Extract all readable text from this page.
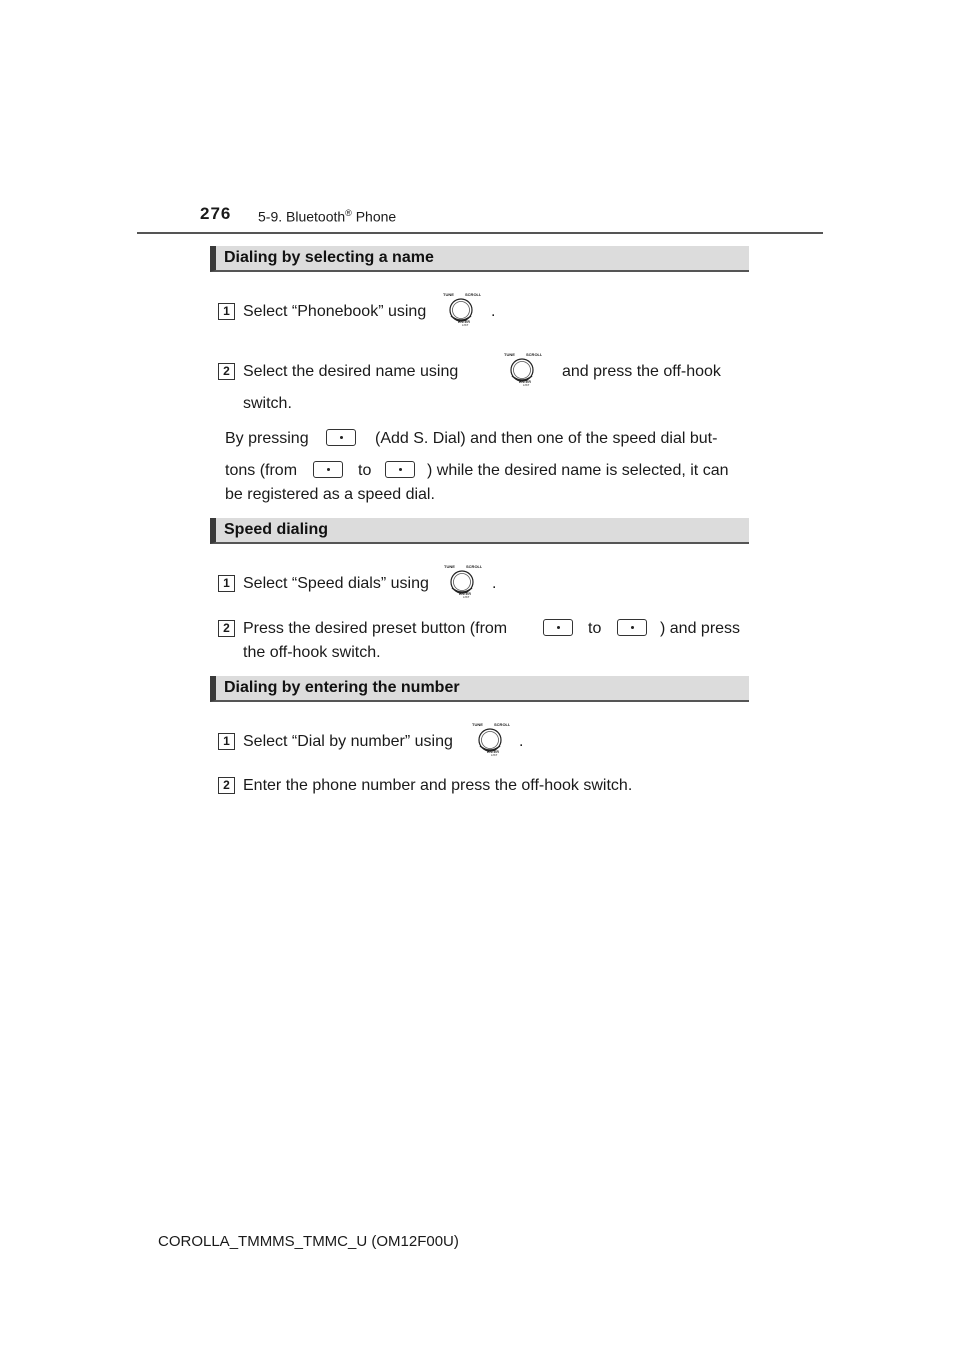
276 5-9. Bluetooth® Phone
Dialing by selecting a name
1 Select “Phonebook” using	.
2 Select the desired name using	and press the off-hook
switch.
By pressing	(Add S. Dial) and then one of the speed dial but-
tons (from	to	) while the desired name is selected, it can
be registered as a speed dial.
Speed dialing
1 Select “Speed dials” using	.
2 Press the desired preset button (from	to	) and press
the off-hook switch.
Dialing by entering the number
1 Select “Dial by number” using	.
2 Enter the phone number and press the off-hook switch.
COROLLA_TMMMS_TMMC_U (OM12F00U)
